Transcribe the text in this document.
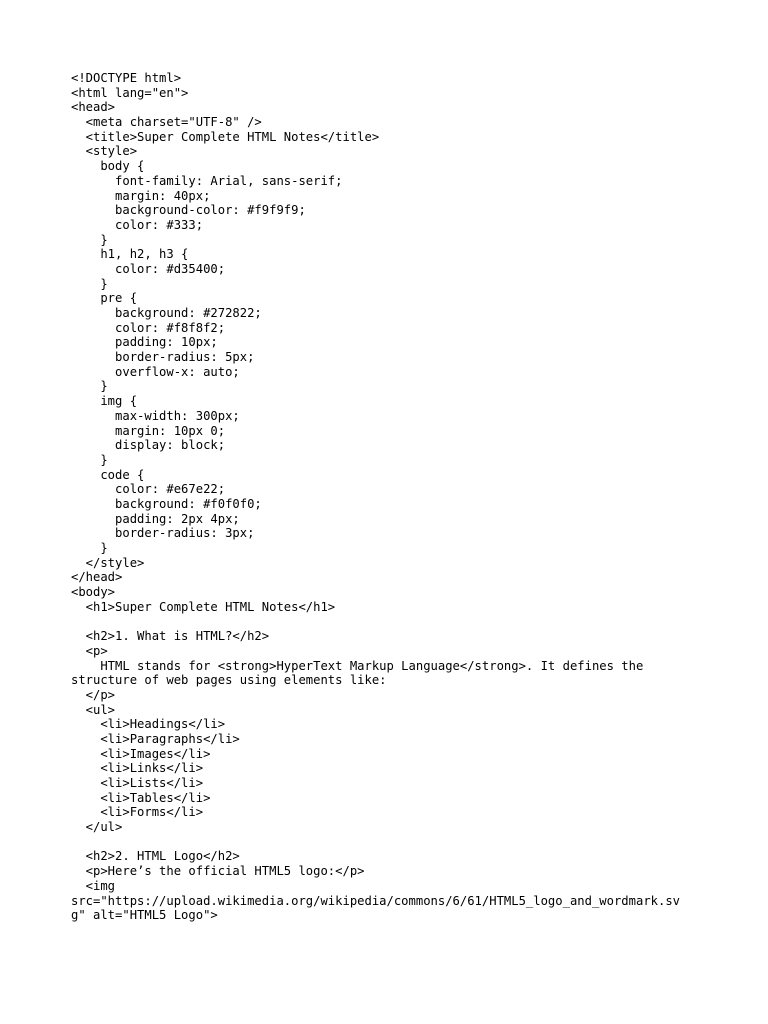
<!DOCTYPE html>
<html lang="en">
<head>
<meta charset="UTF-8" />
<title>Super Complete HTML Notes</title>
<style>
body {
font-family: Arial, sans-serif;
margin: 40px;
background-color: #f9f9f9;
color: #333;
}
h1, h2, h3 {
color: #d35400;
}
pre {
background: #272822;
color: #f8f8f2;
padding: 10px;
border-radius: 5px;
overflow-x: auto;
}
img {
max-width: 300px;
margin: 10px 0;
display: block;
}
code {
color: #e67e22;
background: #f0f0f0;
padding: 2px 4px;
border-radius: 3px;
}
</style>
</head>
<body>
<h1>Super Complete HTML Notes</h1>
<h2>1. What is HTML?</h2>
<p>
HTML stands for <strong>HyperText Markup Language</strong>. It defines the
structure of web pages using elements like:
</p>
<ul>
<li>Headings</li>
<li>Paragraphs</li>
<li>Images</li>
<li>Links</li>
<li>Lists</li>
<li>Tables</li>
<li>Forms</li>
</ul>
<h2>2. HTML Logo</h2>
<p>Here’s the official HTML5 logo:</p>
<img
src="https://upload.wikimedia.org/wikipedia/commons/6/61/HTML5_logo_and_wordmark.sv
g" alt="HTML5 Logo">
